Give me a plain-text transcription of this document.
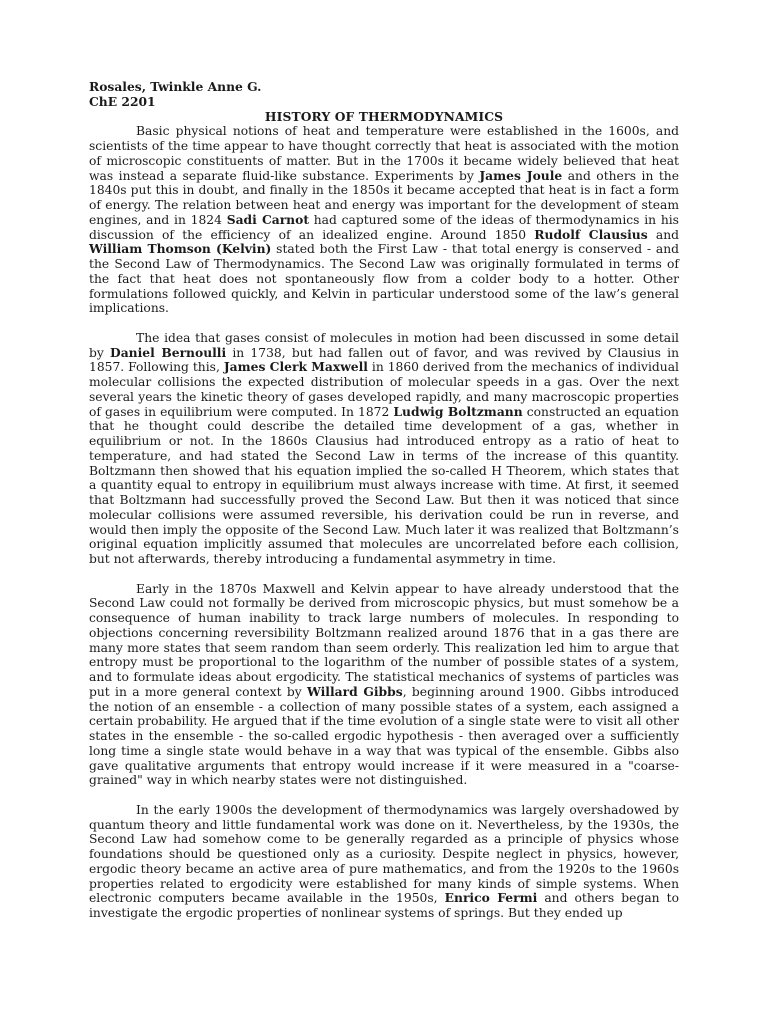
Rosales, Twinkle Anne G.

ChE 2201

HISTORY OF THERMODYNAMICS

Basic physical notions of heat and temperature were established in the 1600s, and scientists of the time appear to have thought correctly that heat is associated with the motion of microscopic constituents of matter. But in the 1700s it became widely believed that heat was instead a separate fluid-like substance. Experiments by James Joule and others in the 1840s put this in doubt, and finally in the 1850s it became accepted that heat is in fact a form of energy. The relation between heat and energy was important for the development of steam engines, and in 1824 Sadi Carnot had captured some of the ideas of thermodynamics in his discussion of the efficiency of an idealized engine. Around 1850 Rudolf Clausius and William Thomson (Kelvin) stated both the First Law - that total energy is conserved - and the Second Law of Thermodynamics. The Second Law was originally formulated in terms of the fact that heat does not spontaneously flow from a colder body to a hotter. Other formulations followed quickly, and Kelvin in particular understood some of the law’s general implications.

The idea that gases consist of molecules in motion had been discussed in some detail by Daniel Bernoulli in 1738, but had fallen out of favor, and was revived by Clausius in 1857. Following this, James Clerk Maxwell in 1860 derived from the mechanics of individual molecular collisions the expected distribution of molecular speeds in a gas. Over the next several years the kinetic theory of gases developed rapidly, and many macroscopic properties of gases in equilibrium were computed. In 1872 Ludwig Boltzmann constructed an equation that he thought could describe the detailed time development of a gas, whether in equilibrium or not. In the 1860s Clausius had introduced entropy as a ratio of heat to temperature, and had stated the Second Law in terms of the increase of this quantity. Boltzmann then showed that his equation implied the so-called H Theorem, which states that a quantity equal to entropy in equilibrium must always increase with time. At first, it seemed that Boltzmann had successfully proved the Second Law. But then it was noticed that since molecular collisions were assumed reversible, his derivation could be run in reverse, and would then imply the opposite of the Second Law. Much later it was realized that Boltzmann’s original equation implicitly assumed that molecules are uncorrelated before each collision, but not afterwards, thereby introducing a fundamental asymmetry in time.

Early in the 1870s Maxwell and Kelvin appear to have already understood that the Second Law could not formally be derived from microscopic physics, but must somehow be a consequence of human inability to track large numbers of molecules. In responding to objections concerning reversibility Boltzmann realized around 1876 that in a gas there are many more states that seem random than seem orderly. This realization led him to argue that entropy must be proportional to the logarithm of the number of possible states of a system, and to formulate ideas about ergodicity. The statistical mechanics of systems of particles was put in a more general context by Willard Gibbs, beginning around 1900. Gibbs introduced the notion of an ensemble - a collection of many possible states of a system, each assigned a certain probability. He argued that if the time evolution of a single state were to visit all other states in the ensemble - the so-called ergodic hypothesis - then averaged over a sufficiently long time a single state would behave in a way that was typical of the ensemble. Gibbs also gave qualitative arguments that entropy would increase if it were measured in a "coarse-grained" way in which nearby states were not distinguished.

In the early 1900s the development of thermodynamics was largely overshadowed by quantum theory and little fundamental work was done on it. Nevertheless, by the 1930s, the Second Law had somehow come to be generally regarded as a principle of physics whose foundations should be questioned only as a curiosity. Despite neglect in physics, however, ergodic theory became an active area of pure mathematics, and from the 1920s to the 1960s properties related to ergodicity were established for many kinds of simple systems. When electronic computers became available in the 1950s, Enrico Fermi and others began to investigate the ergodic properties of nonlinear systems of springs. But they ended up
